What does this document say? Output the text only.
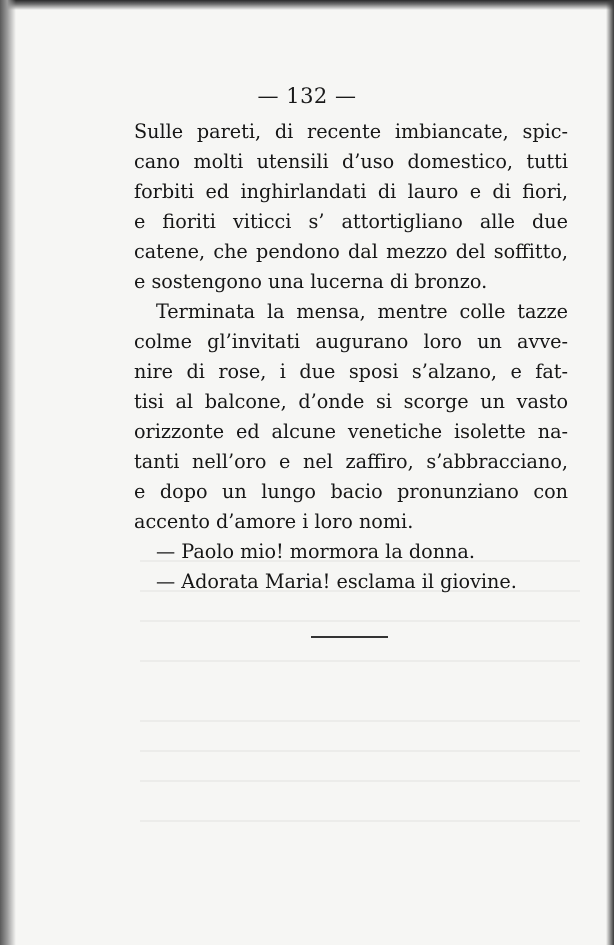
— 132 —
Sulle pareti, di recente imbiancate, spic-
cano molti utensili d’uso domestico, tutti
forbiti ed inghirlandati di lauro e di fiori,
e fioriti viticci s’ attortigliano alle due
catene, che pendono dal mezzo del soffitto,
e sostengono una lucerna di bronzo.
Terminata la mensa, mentre colle tazze
colme gl’invitati augurano loro un avve-
nire di rose, i due sposi s’alzano, e fat-
tisi al balcone, d’onde si scorge un vasto
orizzonte ed alcune venetiche isolette na-
tanti nell’oro e nel zaffiro, s’abbracciano,
e dopo un lungo bacio pronunziano con
accento d’amore i loro nomi.
— Paolo mio! mormora la donna.
— Adorata Maria! esclama il giovine.
